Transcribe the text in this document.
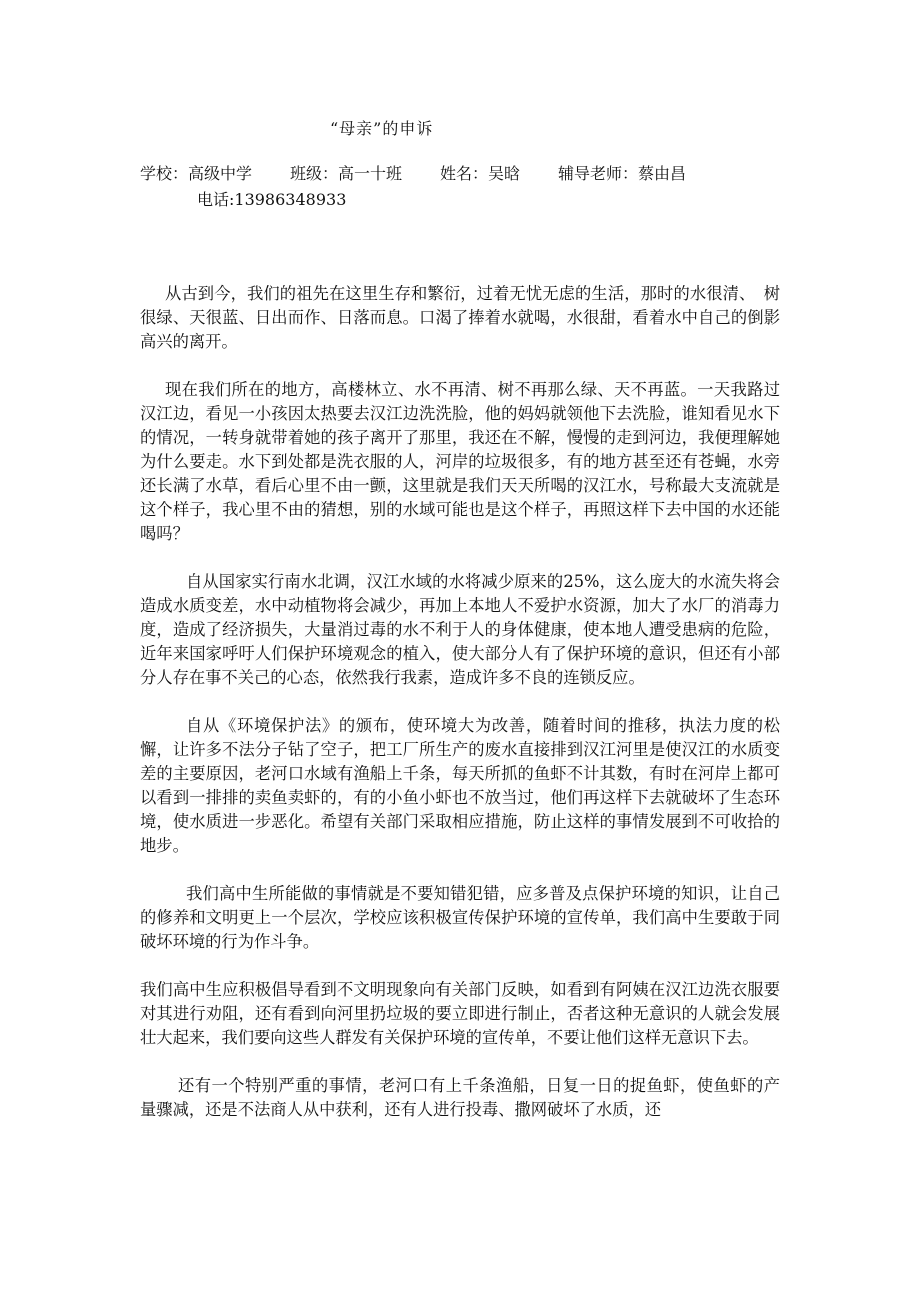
“母亲”的申诉
学校：高级中学 班级：高一十班 姓名：吴晗 辅导老师：蔡由昌
电话:13986348933

从古到今，我们的祖先在这里生存和繁衍，过着无忧无虑的生活，那时的水很清、　树很绿、天很蓝、日出而作、日落而息。口渴了捧着水就喝，水很甜，看着水中自己的倒影高兴的离开。

现在我们所在的地方，高楼林立、水不再清、树不再那么绿、天不再蓝。一天我路过汉江边，看见一小孩因太热要去汉江边洗洗脸，他的妈妈就领他下去洗脸，谁知看见水下的情况，一转身就带着她的孩子离开了那里，我还在不解，慢慢的走到河边，我便理解她为什么要走。水下到处都是洗衣服的人，河岸的垃圾很多，有的地方甚至还有苍蝇，水旁还长满了水草，看后心里不由一颤，这里就是我们天天所喝的汉江水，号称最大支流就是这个样子，我心里不由的猜想，别的水域可能也是这个样子，再照这样下去中国的水还能喝吗？

自从国家实行南水北调，汉江水域的水将减少原来的25%，这么庞大的水流失将会造成水质变差，水中动植物将会减少，再加上本地人不爱护水资源，加大了水厂的消毒力度，造成了经济损失，大量消过毒的水不利于人的身体健康，使本地人遭受患病的危险，近年来国家呼吁人们保护环境观念的植入，使大部分人有了保护环境的意识，但还有小部分人存在事不关己的心态，依然我行我素，造成许多不良的连锁反应。

自从《环境保护法》的颁布，使环境大为改善，随着时间的推移，执法力度的松懈，让许多不法分子钻了空子，把工厂所生产的废水直接排到汉江河里是使汉江的水质变差的主要原因，老河口水域有渔船上千条，每天所抓的鱼虾不计其数，有时在河岸上都可以看到一排排的卖鱼卖虾的，有的小鱼小虾也不放当过，他们再这样下去就破坏了生态环境，使水质进一步恶化。希望有关部门采取相应措施，防止这样的事情发展到不可收拾的地步。

我们高中生所能做的事情就是不要知错犯错，应多普及点保护环境的知识，让自己的修养和文明更上一个层次，学校应该积极宣传保护环境的宣传单，我们高中生要敢于同破坏环境的行为作斗争。

我们高中生应积极倡导看到不文明现象向有关部门反映，如看到有阿姨在汉江边洗衣服要对其进行劝阻，还有看到向河里扔垃圾的要立即进行制止，否者这种无意识的人就会发展壮大起来，我们要向这些人群发有关保护环境的宣传单，不要让他们这样无意识下去。

还有一个特别严重的事情，老河口有上千条渔船，日复一日的捉鱼虾，使鱼虾的产量骤减，还是不法商人从中获利，还有人进行投毒、撒网破坏了水质，还
